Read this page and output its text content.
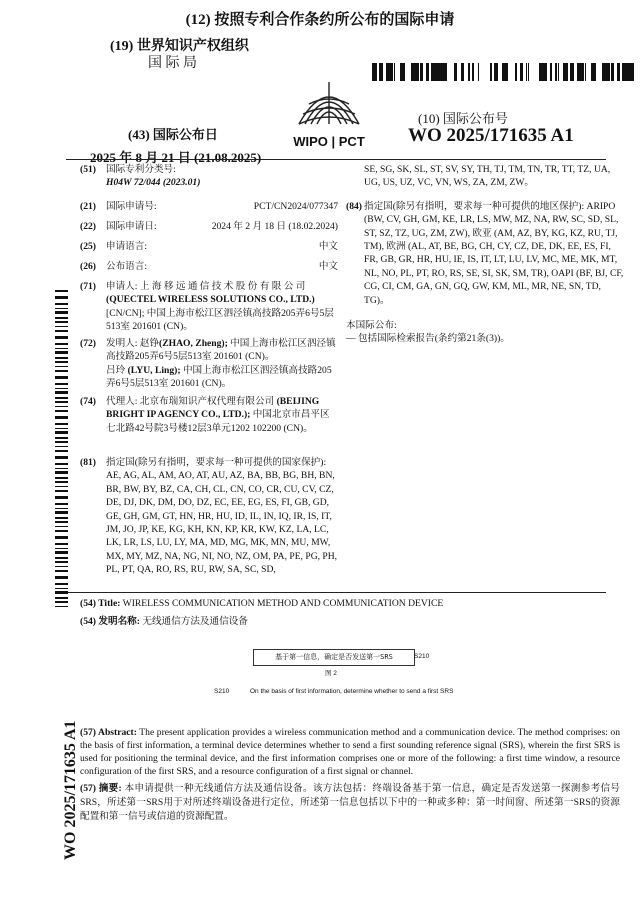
(12) 按照专利合作条约所公布的国际申请
(19) 世界知识产权组织
国 际 局
(43) 国际公布日
2025 年 8 月 21 日 (21.08.2025)
WIPO | PCT
(10) 国际公布号
WO 2025/171635 A1
(51) 国际专利分类号:
H04W 72/044 (2023.01)
(21) 国际申请号:	PCT/CN2024/077347
(22) 国际申请日:	2024 年 2 月 18 日 (18.02.2024)
(25) 申请语言:	中文
(26) 公布语言:	中文
(71) 申请人: 上 海 移 远 通 信 技 术 股 份 有 限 公 司 (QUECTEL WIRELESS SOLUTIONS CO., LTD.) [CN/CN]; 中国上海市松江区泗泾镇高技路205弄6号5层513室 201601 (CN)。
(72) 发明人: 赵铮(ZHAO, Zheng); 中国上海市松江区泗泾镇高技路205弄6号5层513室 201601 (CN)。
吕玲 (LYU, Ling); 中国上海市松江区泗泾镇高技路205弄6号5层513室 201601 (CN)。
(74) 代理人: 北京布瑞知识产权代理有限公司 (BEIJING BRIGHT IP AGENCY CO., LTD.); 中国北京市昌平区七北路42号院3号楼12层3单元1202 102200 (CN)。
(81) 指定国(除另有指明，要求每一种可提供的国家保护): AE, AG, AL, AM, AO, AT, AU, AZ, BA, BB, BG, BH, BN, BR, BW, BY, BZ, CA, CH, CL, CN, CO, CR, CU, CV, CZ, DE, DJ, DK, DM, DO, DZ, EC, EE, EG, ES, FI, GB, GD, GE, GH, GM, GT, HN, HR, HU, ID, IL, IN, IQ, IR, IS, IT, JM, JO, JP, KE, KG, KH, KN, KP, KR, KW, KZ, LA, LC, LK, LR, LS, LU, LY, MA, MD, MG, MK, MN, MU, MW, MX, MY, MZ, NA, NG, NI, NO, NZ, OM, PA, PE, PG, PH, PL, PT, QA, RO, RS, RU, RW, SA, SC, SD,
SE, SG, SK, SL, ST, SV, SY, TH, TJ, TM, TN, TR, TT, TZ, UA, UG, US, UZ, VC, VN, WS, ZA, ZM, ZW。
(84) 指定国(除另有指明，要求每一种可提供的地区保护): ARIPO (BW, CV, GH, GM, KE, LR, LS, MW, MZ, NA, RW, SC, SD, SL, ST, SZ, TZ, UG, ZM, ZW), 欧亚 (AM, AZ, BY, KG, KZ, RU, TJ, TM), 欧洲 (AL, AT, BE, BG, CH, CY, CZ, DE, DK, EE, ES, FI, FR, GB, GR, HR, HU, IE, IS, IT, LT, LU, LV, MC, ME, MK, MT, NL, NO, PL, PT, RO, RS, SE, SI, SK, SM, TR), OAPI (BF, BJ, CF, CG, CI, CM, GA, GN, GQ, GW, KM, ML, MR, NE, SN, TD, TG)。
本国际公布:
— 包括国际检索报告(条约第21条(3))。
(54) Title: WIRELESS COMMUNICATION METHOD AND COMMUNICATION DEVICE
(54) 发明名称: 无线通信方法及通信设备
基于第一信息，确定是否发送第一SRS	S210
图 2
S210	On the basis of first information, determine whether to send a first SRS
(57) Abstract: The present application provides a wireless communication method and a communication device. The method comprises: on the basis of first information, a terminal device determines whether to send a first sounding reference signal (SRS), wherein the first SRS is used for positioning the terminal device, and the first information comprises one or more of the following: a first time window, a resource configuration of the first SRS, and a resource configuration of a first signal or channel.
(57) 摘要: 本申请提供一种无线通信方法及通信设备。该方法包括：终端设备基于第一信息，确定是否发送第一探测参考信号SRS，所述第一SRS用于对所述终端设备进行定位，所述第一信息包括以下中的一种或多种：第一时间窗、所述第一SRS的资源配置和第一信号或信道的资源配置。
WO 2025/171635 A1
